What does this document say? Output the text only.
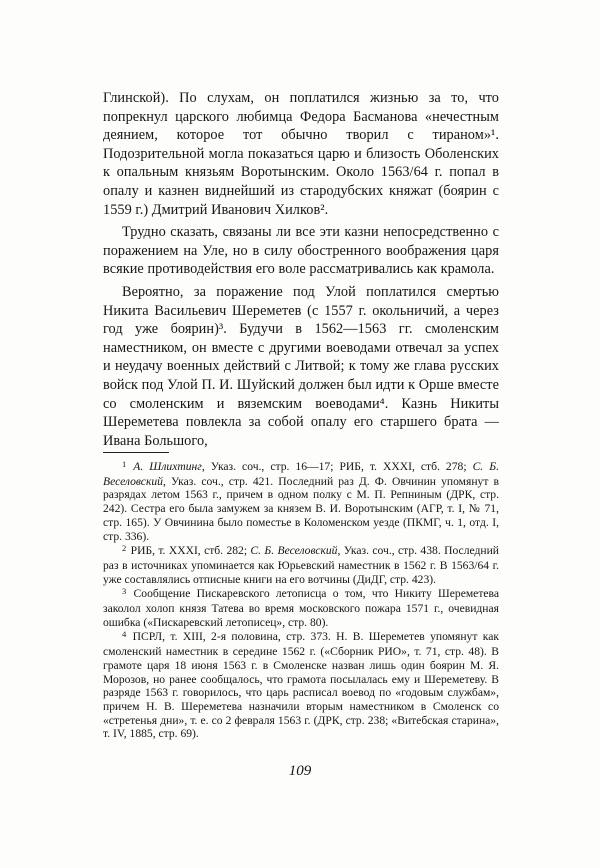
Глинской). По слухам, он поплатился жизнью за то, что попрекнул царского любимца Федора Басманова «нечестным деянием, которое тот обычно творил с тираном»¹. Подозрительной могла показаться царю и близость Оболенских к опальным князьям Воротынским. Около 1563/64 г. попал в опалу и казнен виднейший из стародубских княжат (боярин с 1559 г.) Дмитрий Иванович Хилков².

Трудно сказать, связаны ли все эти казни непосредственно с поражением на Уле, но в силу обостренного воображения царя всякие противодействия его воле рассматривались как крамола.

Вероятно, за поражение под Улой поплатился смертью Никита Васильевич Шереметев (с 1557 г. окольничий, а через год уже боярин)³. Будучи в 1562—1563 гг. смоленским наместником, он вместе с другими воеводами отвечал за успех и неудачу военных действий с Литвой; к тому же глава русских войск под Улой П. И. Шуйский должен был идти к Орше вместе со смоленским и вяземским воеводами⁴. Казнь Никиты Шереметева повлекла за собой опалу его старшего брата — Ивана Большого,

$^1$ А. Шлихтинг, Указ. соч., стр. 16—17; РИБ, т. XXXI, стб. 278; С. Б. Веселовский, Указ. соч., стр. 421. Последний раз Д. Ф. Овчинин упомянут в разрядах летом 1563 г., причем в одном полку с М. П. Репниным (ДРК, стр. 242). Сестра его была замужем за князем В. И. Воротынским (АГР, т. I, № 71, стр. 165). У Овчинина было поместье в Коломенском уезде (ПКМГ, ч. 1, отд. I, стр. 336).

$^2$ РИБ, т. XXXI, стб. 282; С. Б. Веселовский, Указ. соч., стр. 438. Последний раз в источниках упоминается как Юрьевский наместник в 1562 г. В 1563/64 г. уже составлялись отписные книги на его вотчины (ДиДГ, стр. 423).

$^3$ Сообщение Пискаревского летописца о том, что Никиту Шереметева заколол холоп князя Татева во время московского пожара 1571 г., очевидная ошибка («Пискаревский летописец», стр. 80).

$^4$ ПСРЛ, т. XIII, 2-я половина, стр. 373. Н. В. Шереметев упомянут как смоленский наместник в середине 1562 г. («Сборник РИО», т. 71, стр. 48). В грамоте царя 18 июня 1563 г. в Смоленске назван лишь один боярин М. Я. Морозов, но ранее сообщалось, что грамота посылалась ему и Шереметеву. В разряде 1563 г. говорилось, что царь расписал воевод по «годовым службам», причем Н. В. Шереметева назначили вторым наместником в Смоленск со «стретенья дни», т. е. со 2 февраля 1563 г. (ДРК, стр. 238; «Витебская старина», т. IV, 1885, стр. 69).

109
